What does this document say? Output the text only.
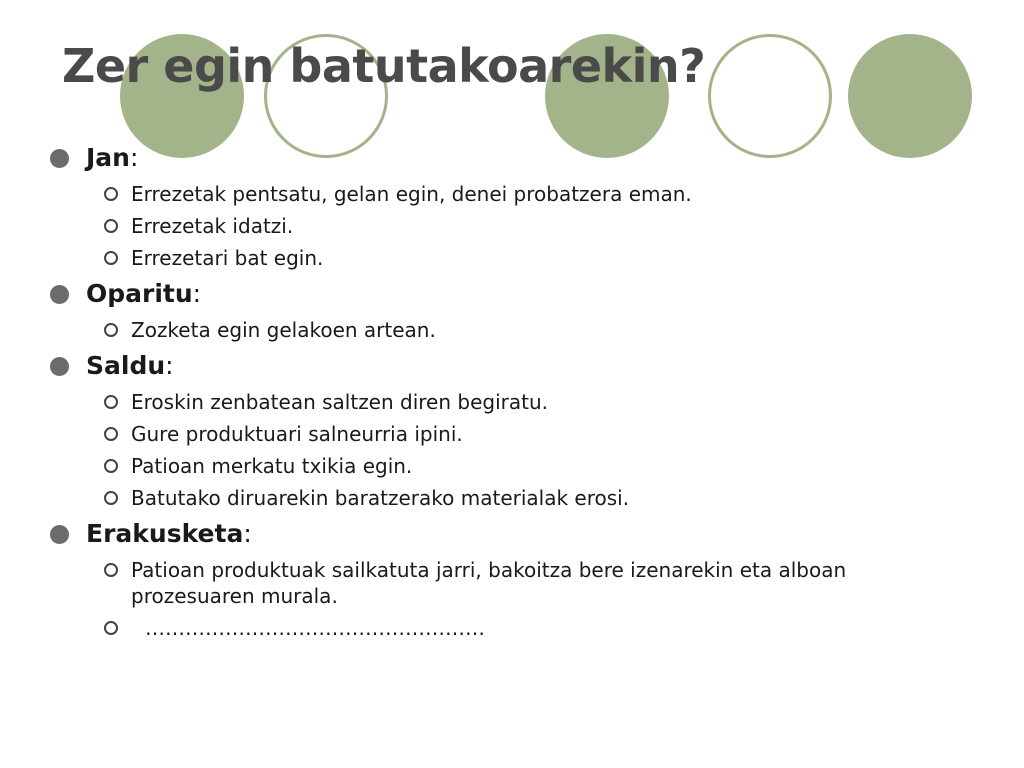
Zer egin batutakoarekin?
Jan:
Errezetak pentsatu, gelan egin, denei probatzera eman.
Errezetak idatzi.
Errezetari bat egin.
Oparitu:
Zozketa egin gelakoen artean.
Saldu:
Eroskin zenbatean saltzen diren begiratu.
Gure produktuari salneurria ipini.
Patioan merkatu txikia egin.
Batutako diruarekin baratzerako materialak erosi.
Erakusketa:
Patioan produktuak sailkatuta jarri, bakoitza bere izenarekin eta alboan prozesuaren murala.
……………………………………………
